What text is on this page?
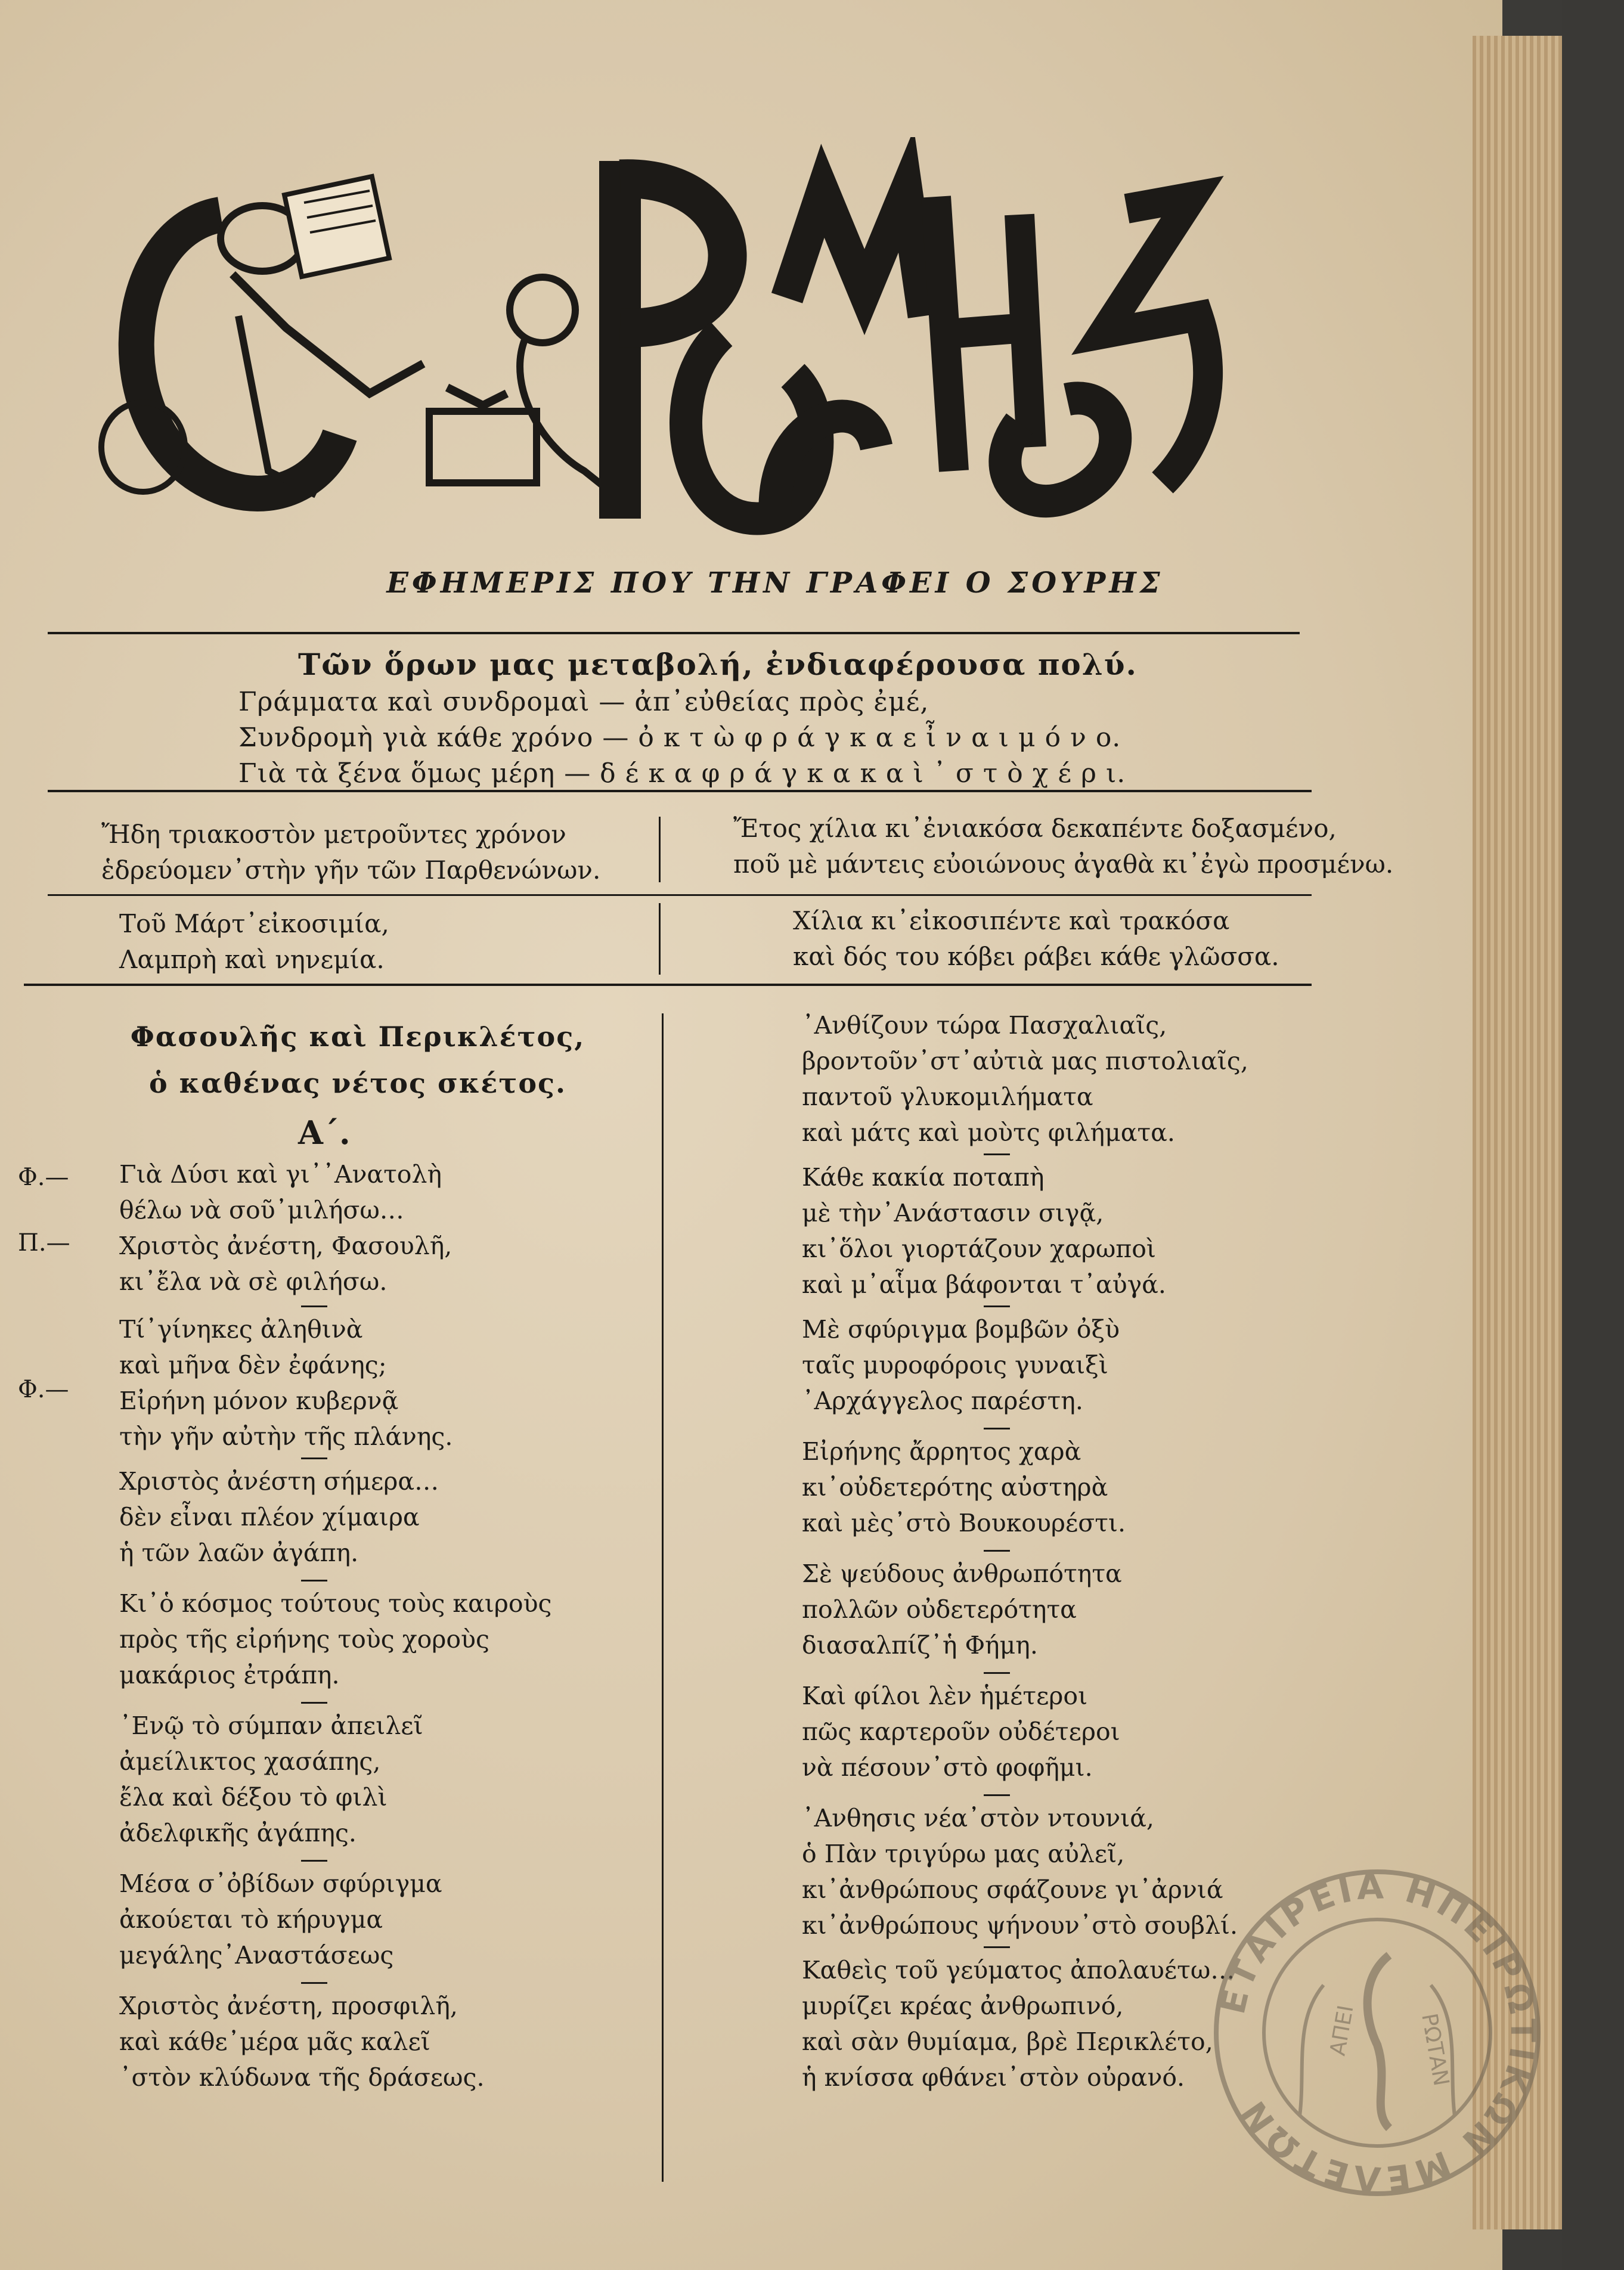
ΕΦΗΜΕΡΙΣ ΠΟΥ ΤΗΝ ΓΡΑΦΕΙ Ο ΣΟΥΡΗΣ
Τῶν ὅρων μας μεταβολή, ἐνδιαφέρουσα πολύ.
Γράμματα καὶ συνδρομαὶ — ἀπ᾿εὐθείας πρὸς ἐμέ,
Συνδρομὴ γιὰ κάθε χρόνο — ὀ κ τ ὼ φ ρ ά γ κ α ε ἶ ν α ι μ ό ν ο.
Γιὰ τὰ ξένα ὅμως μέρη — δ έ κ α φ ρ ά γ κ α κ α ὶ ᾿ σ τ ὸ χ έ ρ ι.
Ἤδη τριακοστὸν μετροῦντες χρόνον
ἑδρεύομεν᾿στὴν γῆν τῶν Παρθενώνων.
Ἔτος χίλια κι᾿ἐνιακόσα δεκαπέντε δοξασμένο,
ποῦ μὲ μάντεις εὐοιώνους ἀγαθὰ κι᾿ἐγὼ προσμένω.
Τοῦ Μάρτ᾿εἰκοσιμία,
Λαμπρὴ καὶ νηνεμία.
Χίλια κι᾿εἰκοσιπέντε καὶ τρακόσα
καὶ δός του κόβει ράβει κάθε γλῶσσα.
Φασουλῆς καὶ Περικλέτος,
ὁ καθένας νέτος σκέτος.
Α΄.
Φ.—
Π.—
Φ.—
Γιὰ Δύσι καὶ γι᾿᾿Ανατολὴ
θέλω νὰ σοῦ᾿μιλήσω…
Χριστὸς ἀνέστη, Φασουλῆ,
κι᾿ἔλα νὰ σὲ φιλήσω.
Τί᾿γίνηκες ἀληθινὰ
καὶ μῆνα δὲν ἐφάνης;
Εἰρήνη μόνον κυβερνᾷ
τὴν γῆν αὐτὴν τῆς πλάνης.
Χριστὸς ἀνέστη σήμερα…
δὲν εἶναι πλέον χίμαιρα
ἡ τῶν λαῶν ἀγάπη.
Κι᾿ὁ κόσμος τούτους τοὺς καιροὺς
πρὸς τῆς εἰρήνης τοὺς χοροὺς
μακάριος ἐτράπη.
᾿Ενῷ τὸ σύμπαν ἀπειλεῖ
ἀμείλικτος χασάπης,
ἔλα καὶ δέξου τὸ φιλὶ
ἀδελφικῆς ἀγάπης.
Μέσα σ᾿ὀβίδων σφύριγμα
ἀκούεται τὸ κήρυγμα
μεγάλης᾿Αναστάσεως
Χριστὸς ἀνέστη, προσφιλῆ,
καὶ κάθε᾿μέρα μᾶς καλεῖ
᾿στὸν κλύδωνα τῆς δράσεως.
᾿Ανθίζουν τώρα Πασχαλιαῖς,
βροντοῦν᾿στ᾿αὐτιὰ μας πιστολιαῖς,
παντοῦ γλυκομιλήματα
καὶ μάτς καὶ μοὺτς φιλήματα.
Κάθε κακία ποταπὴ
μὲ τὴν᾿Ανάστασιν σιγᾷ,
κι᾿ὅλοι γιορτάζουν χαρωποὶ
καὶ μ᾿αἷμα βάφονται τ᾿αὐγά.
Μὲ σφύριγμα βομβῶν ὀξὺ
ταῖς μυροφόροις γυναιξὶ
᾿Αρχάγγελος παρέστη.
Εἰρήνης ἄρρητος χαρὰ
κι᾿οὐδετερότης αὐστηρὰ
καὶ μὲς᾿στὸ Βουκουρέστι.
Σὲ ψεύδους ἀνθρωπότητα
πολλῶν οὐδετερότητα
διασαλπίζ᾿ἡ Φήμη.
Καὶ φίλοι λὲν ἡμέτεροι
πῶς καρτεροῦν οὐδέτεροι
νὰ πέσουν᾿στὸ φοφῆμι.
᾿Ανθησις νέα᾿στὸν ντουνιά,
ὁ Πὰν τριγύρω μας αὐλεῖ,
κι᾿ἀνθρώπους σφάζουνε γι᾿ἀρνιά
κι᾿ἀνθρώπους ψήνουν᾿στὸ σουβλί.
Καθεὶς τοῦ γεύματος ἀπολαυέτω…
μυρίζει κρέας ἀνθρωπινό,
καὶ σὰν θυμίαμα, βρὲ Περικλέτο,
ἡ κνίσσα φθάνει᾿στὸν οὐρανό.
ΕΤΑΙΡΕΙΑ ΗΠΕΙΡΩΤΙΚΩΝ ΜΕΛΕΤΩΝ
ΑΠΕΙ	ΡΩΤΑΝ
